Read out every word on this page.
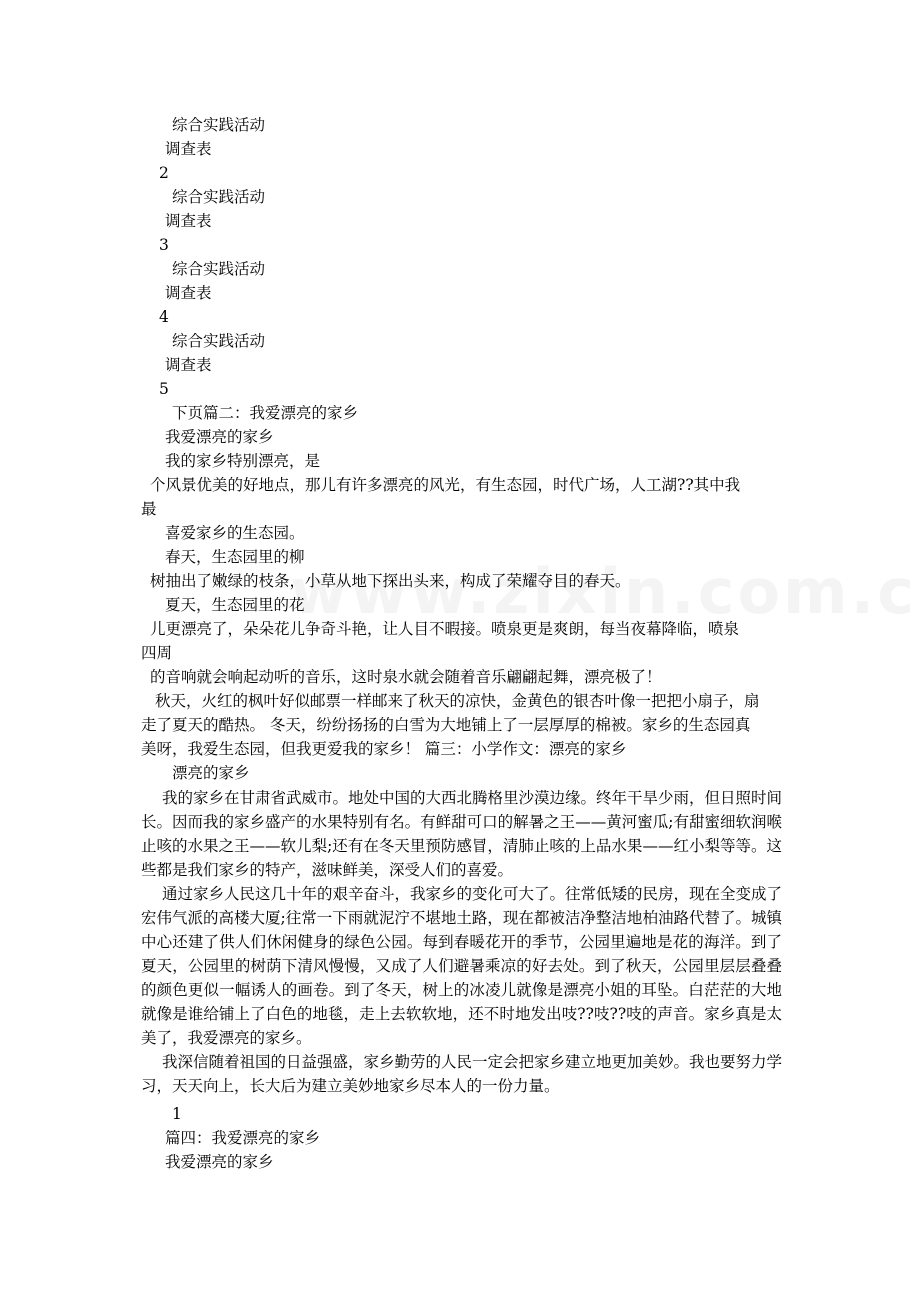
综合实践活动
调查表
2
综合实践活动
调查表
3
综合实践活动
调查表
4
综合实践活动
调查表
5
下页篇二：我爱漂亮的家乡
我爱漂亮的家乡
我的家乡特别漂亮，是
个风景优美的好地点，那儿有许多漂亮的风光，有生态园，时代广场，人工湖??其中我
最
喜爱家乡的生态园。
春天，生态园里的柳
树抽出了嫩绿的枝条，小草从地下探出头来，构成了荣耀夺目的春天。
夏天，生态园里的花
儿更漂亮了，朵朵花儿争奇斗艳，让人目不暇接。喷泉更是爽朗，每当夜幕降临，喷泉
四周
的音响就会响起动听的音乐，这时泉水就会随着音乐翩翩起舞，漂亮极了！
秋天，火红的枫叶好似邮票一样邮来了秋天的凉快，金黄色的银杏叶像一把把小扇子，扇
走了夏天的酷热。 冬天，纷纷扬扬的白雪为大地铺上了一层厚厚的棉被。家乡的生态园真
美呀，我爱生态园，但我更爱我的家乡！ 篇三：小学作文：漂亮的家乡
漂亮的家乡

我的家乡在甘肃省武威市。地处中国的大西北腾格里沙漠边缘。终年干旱少雨，但日照时间长。因而我的家乡盛产的水果特别有名。有鲜甜可口的解暑之王——黄河蜜瓜;有甜蜜细软润喉止咳的水果之王——软儿梨;还有在冬天里预防感冒，清肺止咳的上品水果——红小梨等等。这些都是我们家乡的特产，滋味鲜美，深受人们的喜爱。

通过家乡人民这几十年的艰辛奋斗，我家乡的变化可大了。往常低矮的民房，现在全变成了宏伟气派的高楼大厦;往常一下雨就泥泞不堪地土路，现在都被洁净整洁地柏油路代替了。城镇中心还建了供人们休闲健身的绿色公园。每到春暖花开的季节，公园里遍地是花的海洋。到了夏天，公园里的树荫下清风慢慢，又成了人们避暑乘凉的好去处。到了秋天，公园里层层叠叠的颜色更似一幅诱人的画卷。到了冬天，树上的冰凌儿就像是漂亮小姐的耳坠。白茫茫的大地就像是谁给铺上了白色的地毯，走上去软软地，还不时地发出吱??吱??吱的声音。家乡真是太美了，我爱漂亮的家乡。

我深信随着祖国的日益强盛，家乡勤劳的人民一定会把家乡建立地更加美妙。我也要努力学习，天天向上，长大后为建立美妙地家乡尽本人的一份力量。

1
篇四：我爱漂亮的家乡
我爱漂亮的家乡
